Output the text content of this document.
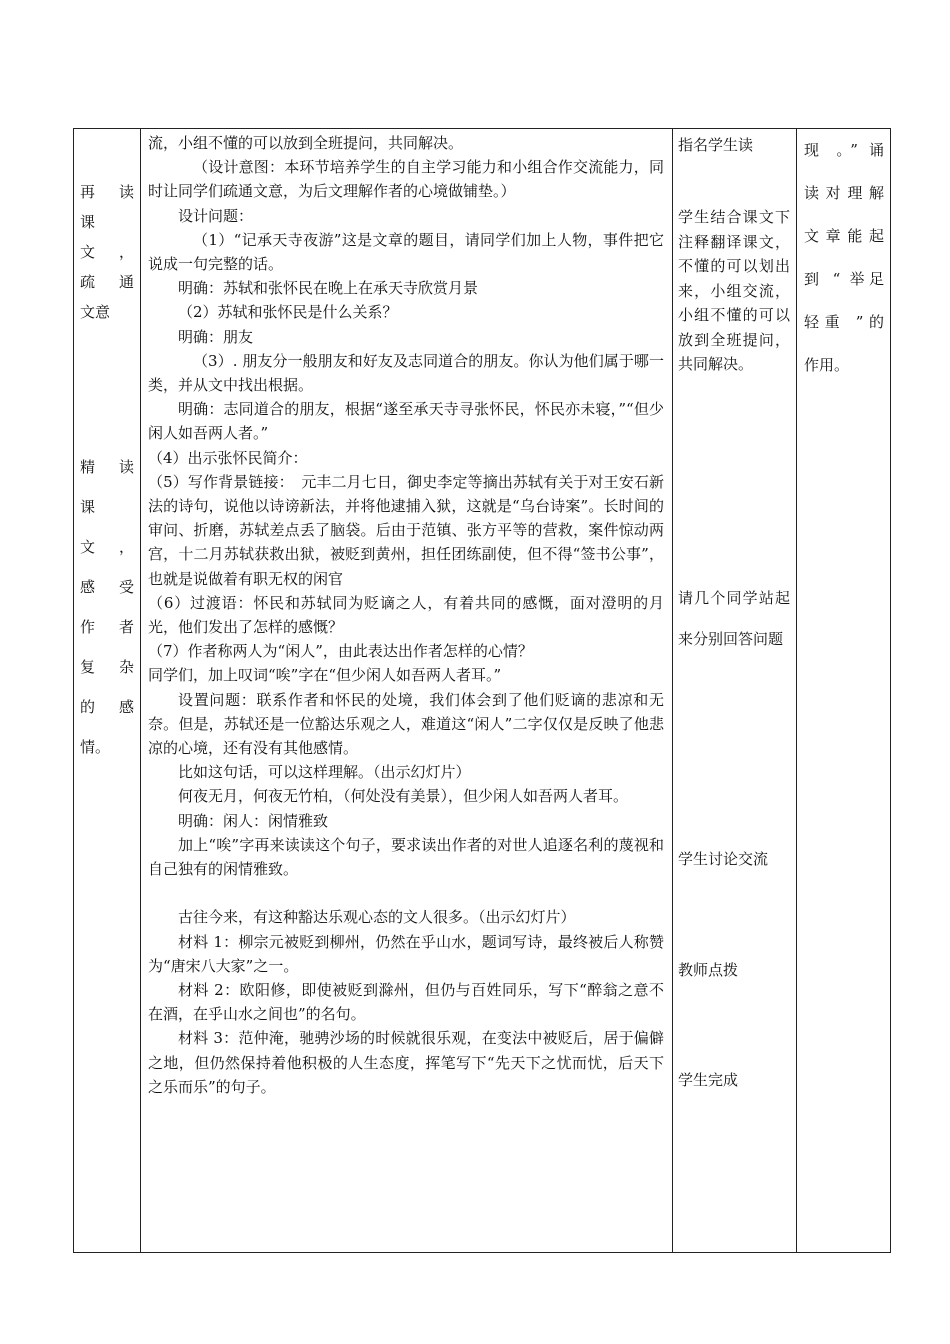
再　读

课

文　，

疏　通

文意

精　读

课

文　，

感　受

作　者

复　杂

的　感

情。

流，小组不懂的可以放到全班提问，共同解决。

（设计意图：本环节培养学生的自主学习能力和小组合作交流能力，同时让同学们疏通文意，为后文理解作者的心境做铺垫。）

设计问题：

（1）“记承天寺夜游”这是文章的题目，请同学们加上人物，事件把它说成一句完整的话。

明确：苏轼和张怀民在晚上在承天寺欣赏月景

（2）苏轼和张怀民是什么关系？

明确：朋友

（3）. 朋友分一般朋友和好友及志同道合的朋友。你认为他们属于哪一类，并从文中找出根据。

明确：志同道合的朋友，根据“遂至承天寺寻张怀民，怀民亦未寝，”“但少闲人如吾两人者。”

（4）出示张怀民简介：

（5）写作背景链接：　元丰二月七日，御史李定等摘出苏轼有关于对王安石新法的诗句，说他以诗谤新法，并将他逮捕入狱，这就是“乌台诗案”。长时间的审问、折磨，苏轼差点丢了脑袋。后由于范镇、张方平等的营救，案件惊动两宫，十二月苏轼获救出狱，被贬到黄州，担任团练副使，但不得“签书公事”，也就是说做着有职无权的闲官

（6）过渡语：怀民和苏轼同为贬谪之人，有着共同的感慨，面对澄明的月光，他们发出了怎样的感慨？

（7）作者称两人为“闲人”，由此表达出作者怎样的心情？

同学们，加上叹词“唉”字在“但少闲人如吾两人者耳。”

设置问题：联系作者和怀民的处境，我们体会到了他们贬谪的悲凉和无奈。但是，苏轼还是一位豁达乐观之人，难道这“闲人”二字仅仅是反映了他悲凉的心境，还有没有其他感情。

比如这句话，可以这样理解。（出示幻灯片）

何夜无月，何夜无竹柏，（何处没有美景），但少闲人如吾两人者耳。

明确：闲人：闲情雅致

加上“唉”字再来读读这个句子，要求读出作者的对世人追逐名利的蔑视和自己独有的闲情雅致。

古往今来，有这种豁达乐观心态的文人很多。（出示幻灯片）

材料 1：柳宗元被贬到柳州，仍然在乎山水，题词写诗，最终被后人称赞为“唐宋八大家”之一。

材料 2：欧阳修，即使被贬到滁州，但仍与百姓同乐，写下“醉翁之意不在酒，在乎山水之间也”的名句。

材料 3：范仲淹，驰骋沙场的时候就很乐观，在变法中被贬后，居于偏僻之地，但仍然保持着他积极的人生态度，挥笔写下“先天下之忧而忧，后天下之乐而乐”的句子。

指名学生读

学生结合课文下注释翻译课文，不懂的可以划出来，小组交流，小组不懂的可以放到全班提问，共同解决。

请几个同学站起来分别回答问题

学生讨论交流

教师点拨

学生完成

现 。” 诵

读对理解

文章能起

到 “ 举足

轻重 ”的

作用。
